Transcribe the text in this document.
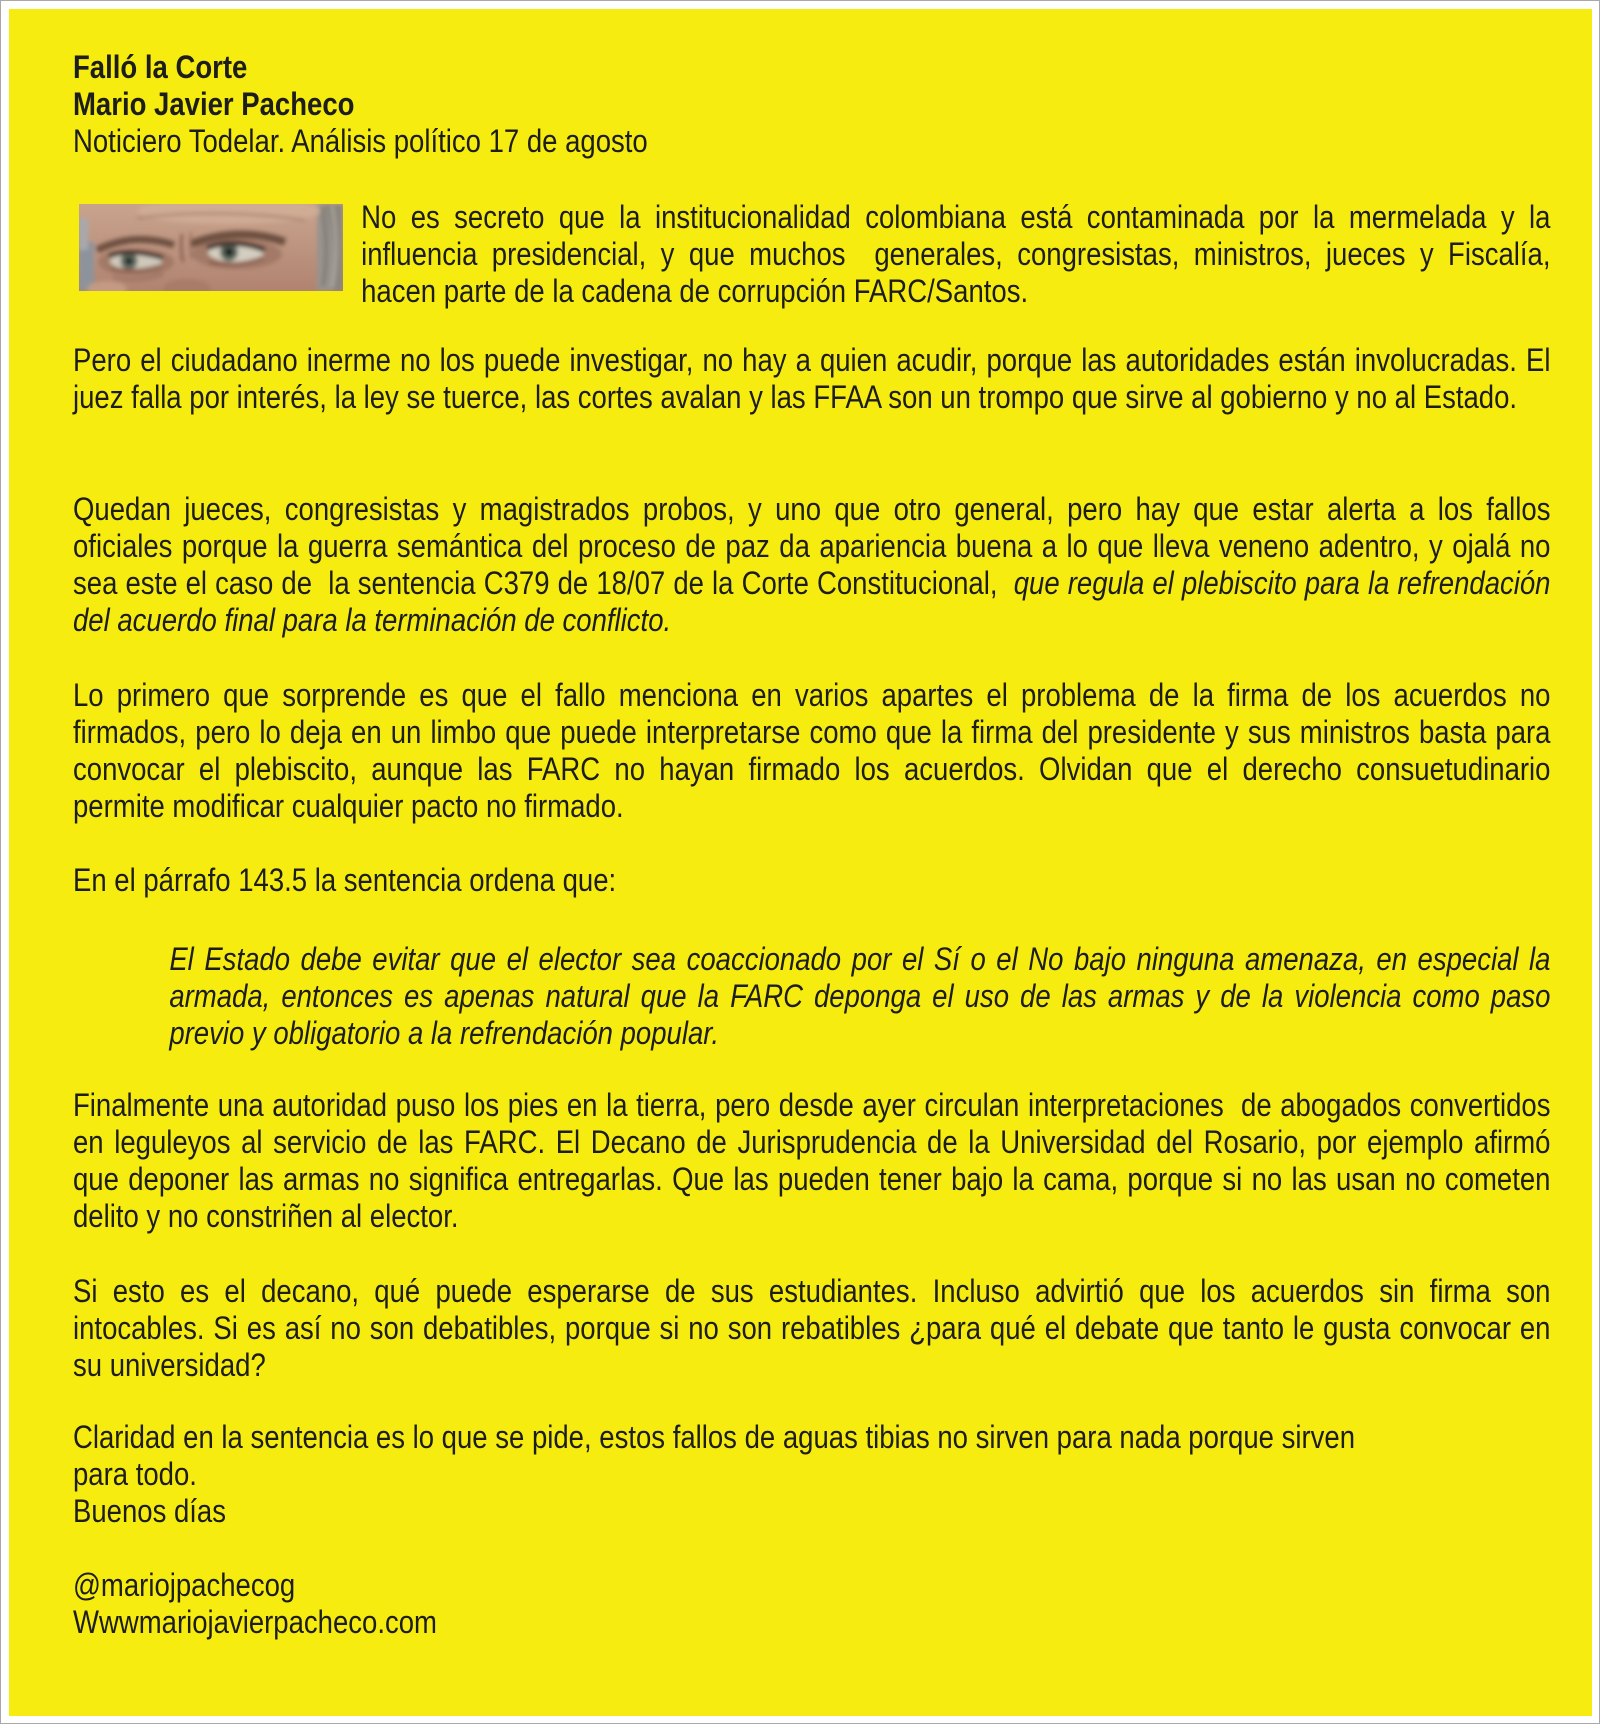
Falló la Corte
Mario Javier Pacheco
Noticiero Todelar. Análisis político 17 de agosto

No es secreto que la institucionalidad colombiana está contaminada por la mermelada y la influencia presidencial, y que muchos  generales, congresistas, ministros, jueces y Fiscalía, hacen parte de la cadena de corrupción FARC/Santos.

Pero el ciudadano inerme no los puede investigar, no hay a quien acudir, porque las autoridades están involucradas. El juez falla por interés, la ley se tuerce, las cortes avalan y las FFAA son un trompo que sirve al gobierno y no al Estado.

Quedan jueces, congresistas y magistrados probos, y uno que otro general, pero hay que estar alerta a los fallos oficiales porque la guerra semántica del proceso de paz da apariencia buena a lo que lleva veneno adentro, y ojalá no sea este el caso de  la sentencia C379 de 18/07 de la Corte Constitucional,  que regula el plebiscito para la refrendación del acuerdo final para la terminación de conflicto.

Lo primero que sorprende es que el fallo menciona en varios apartes el problema de la firma de los acuerdos no firmados, pero lo deja en un limbo que puede interpretarse como que la firma del presidente y sus ministros basta para convocar el plebiscito, aunque las FARC no hayan firmado los acuerdos. Olvidan que el derecho consuetudinario permite modificar cualquier pacto no firmado.

En el párrafo 143.5 la sentencia ordena que:

El Estado debe evitar que el elector sea coaccionado por el Sí o el No bajo ninguna amenaza, en especial la armada, entonces es apenas natural que la FARC deponga el uso de las armas y de la violencia como paso previo y obligatorio a la refrendación popular.

Finalmente una autoridad puso los pies en la tierra, pero desde ayer circulan interpretaciones  de abogados convertidos en leguleyos al servicio de las FARC. El Decano de Jurisprudencia de la Universidad del Rosario, por ejemplo afirmó que deponer las armas no significa entregarlas. Que las pueden tener bajo la cama, porque si no las usan no cometen delito y no constriñen al elector.

Si esto es el decano, qué puede esperarse de sus estudiantes. Incluso advirtió que los acuerdos sin firma son intocables. Si es así no son debatibles, porque si no son rebatibles ¿para qué el debate que tanto le gusta convocar en su universidad?

Claridad en la sentencia es lo que se pide, estos fallos de aguas tibias no sirven para nada porque sirven
para todo.
Buenos días

@mariojpachecog
Wwwmariojavierpacheco.com
